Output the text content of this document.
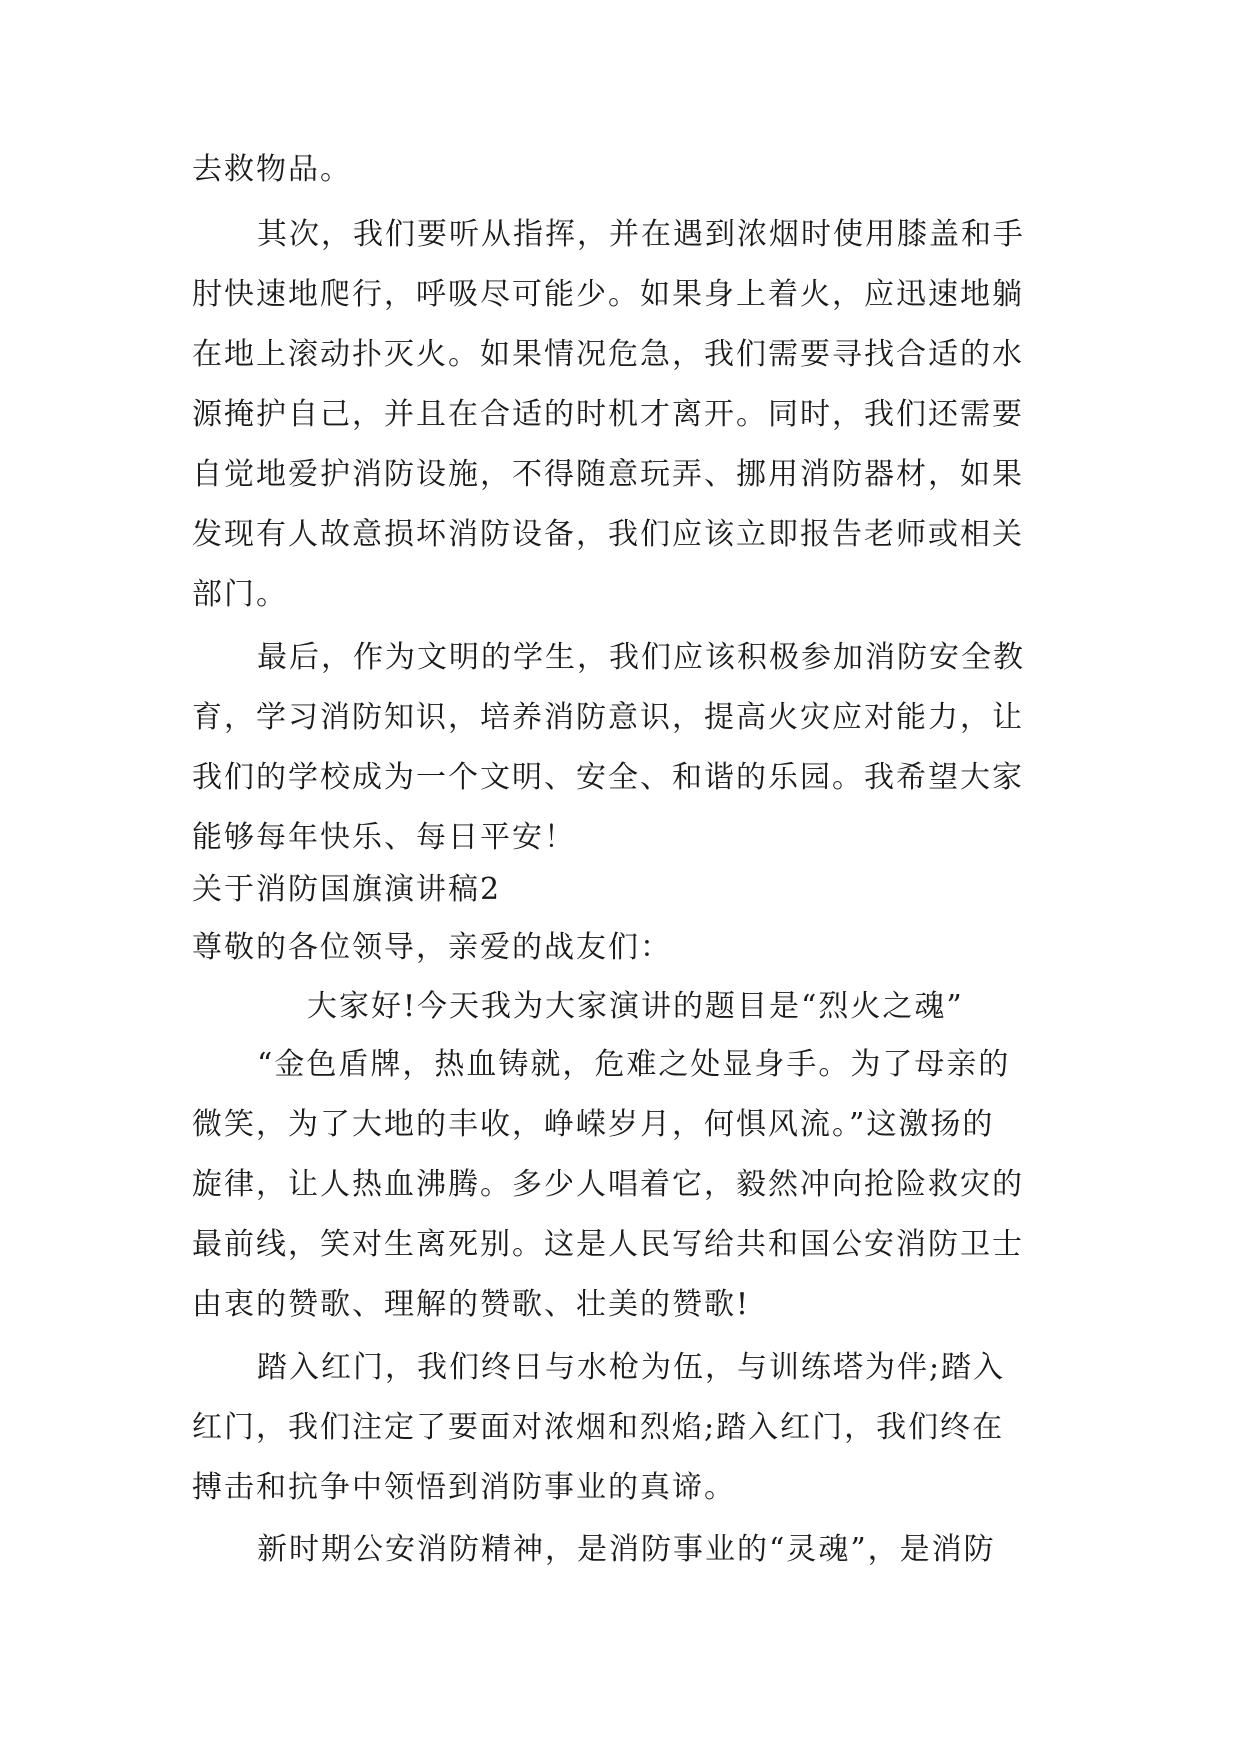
去救物品。
其次，我们要听从指挥，并在遇到浓烟时使用膝盖和手
肘快速地爬行，呼吸尽可能少。如果身上着火，应迅速地躺
在地上滚动扑灭火。如果情况危急，我们需要寻找合适的水
源掩护自己，并且在合适的时机才离开。同时，我们还需要
自觉地爱护消防设施，不得随意玩弄、挪用消防器材，如果
发现有人故意损坏消防设备，我们应该立即报告老师或相关
部门。
最后，作为文明的学生，我们应该积极参加消防安全教
育，学习消防知识，培养消防意识，提高火灾应对能力，让
我们的学校成为一个文明、安全、和谐的乐园。我希望大家
能够每年快乐、每日平安！
关于消防国旗演讲稿2
尊敬的各位领导，亲爱的战友们：
大家好!今天我为大家演讲的题目是“烈火之魂”
“金色盾牌，热血铸就，危难之处显身手。为了母亲的
微笑，为了大地的丰收，峥嵘岁月，何惧风流。”这激扬的
旋律，让人热血沸腾。多少人唱着它，毅然冲向抢险救灾的
最前线，笑对生离死别。这是人民写给共和国公安消防卫士
由衷的赞歌、理解的赞歌、壮美的赞歌!
踏入红门，我们终日与水枪为伍，与训练塔为伴;踏入
红门，我们注定了要面对浓烟和烈焰;踏入红门，我们终在
搏击和抗争中领悟到消防事业的真谛。
新时期公安消防精神，是消防事业的“灵魂”，是消防
